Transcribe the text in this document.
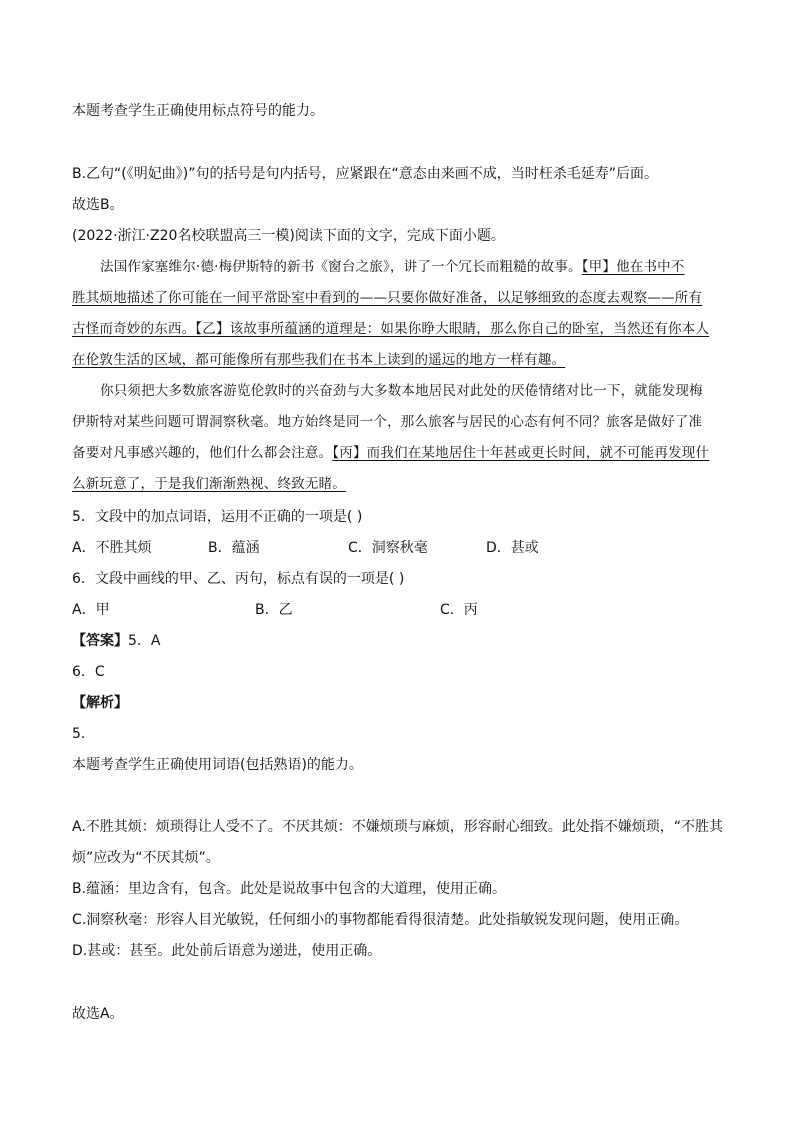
本题考查学生正确使用标点符号的能力。
B.乙句“(《明妃曲》)”句的括号是句内括号，应紧跟在“意态由来画不成，当时枉杀毛延寿”后面。
故选B。
(2022·浙江·Z20名校联盟高三一模)阅读下面的文字，完成下面小题。
法国作家塞维尔·德·梅伊斯特的新书《窗台之旅》，讲了一个冗长而粗糙的故事。【甲】他在书中不
胜其烦地描述了你可能在一间平常卧室中看到的——只要你做好准备，以足够细致的态度去观察——所有
古怪而奇妙的东西。【乙】该故事所蕴涵的道理是：如果你睁大眼睛，那么你自己的卧室，当然还有你本人
在伦敦生活的区域，都可能像所有那些我们在书本上读到的遥远的地方一样有趣。
你只须把大多数旅客游览伦敦时的兴奋劲与大多数本地居民对此处的厌倦情绪对比一下，就能发现梅
伊斯特对某些问题可谓洞察秋毫。地方始终是同一个，那么旅客与居民的心态有何不同？旅客是做好了准
备要对凡事感兴趣的，他们什么都会注意。【丙】而我们在某地居住十年甚或更长时间，就不可能再发现什
么新玩意了，于是我们渐渐熟视、终致无睹。
5．文段中的加点词语，运用不正确的一项是( )
A．不胜其烦	B．蕴涵	C．洞察秋毫	D．甚或
6．文段中画线的甲、乙、丙句，标点有误的一项是( )
A．甲	B．乙	C．丙
【答案】5．A
6．C
【解析】
5.
本题考查学生正确使用词语(包括熟语)的能力。
A.不胜其烦：烦琐得让人受不了。不厌其烦：不嫌烦琐与麻烦，形容耐心细致。此处指不嫌烦琐，“不胜其
烦”应改为“不厌其烦”。
B.蕴涵：里边含有，包含。此处是说故事中包含的大道理，使用正确。
C.洞察秋毫：形容人目光敏锐，任何细小的事物都能看得很清楚。此处指敏锐发现问题，使用正确。
D.甚或：甚至。此处前后语意为递进，使用正确。
故选A。
